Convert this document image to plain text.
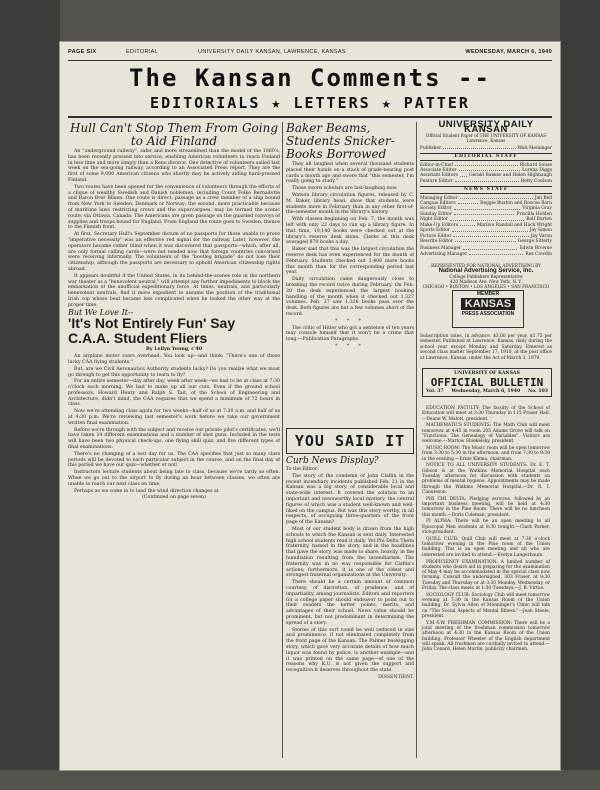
PAGE SIX	EDITORIAL	UNIVERSITY DAILY KANSAN, LAWRENCE, KANSAS	WEDNESDAY, MARCH 6, 1940
The Kansan Comments --
EDITORIALS ★ LETTERS ★ PATTER

Hull Can't Stop Them From Going to Aid Finland

An "underground railway", safer and more streamlined than the model of the 1860's, has been recently pressed into service, enabling American volunteers to reach Finland in less time and more simply than a Reno divorce. One detective of volunteers sailed last week on the sea-going railway, according to an Associated Press report. They are the first of some 9,000 American citizens who shortly may be actively aiding hard-pressed Finland.

Two routes have been opened for the convenience of volunteers through the efforts of a clique of wealthy Swedish and Danish noblemen, including Count Folke Bernadotte and Baron Bror Blixen. One route is direct: passage as a crew member of a ship bound from New York to Sweden, Denmark or Norway; the second, more practicable because of maritime laws restricting crews and the supercargoes, may be termed the scenic route: via Ottawa, Canada. The Americans are given passage on the guarded convoys of supplies and troops bound for England. From England the route goes to Sweden, thence to the Finnish front.

At first, Secretary Hull's September dictum of no passports for those unable to prove "imperative necessity" was an effective red signal for the railway. Later, however, the operators became rather blind when it was discovered that passports—which, after all, are only formal calling cards—were not needed now that foreign countries concerned were receiving informally. The volunteers of the "bootleg brigade" do not lose their citizenship, although the passports are necessary to uphold American citizenship rights abroad.

It appears doubtful if the United States, in its behind-the-scenes role in the northern war theater as a "benevolent neutral," will attempt any further impediments to block the embarkation of the unofficial expeditionary force. At times, neutrals, and particularly benevolent neutrals, find it more expedient to assume the position of the traditional Irish cop whose beat became less complicated when he looked the other way at the proper time.

But We Love It--

'It's Not Entirely Fun' Say C.A.A. Student Fliers

By Leilyn Young, c'40

An airplane motor roars overhead. You look up—and think: "There's one of those lucky CAA flying students."

But, are we Civil Aeronautics Authority students lucky? Do you realize what we must go through to get this opportunity to learn to fly?

For an entire semester—day after day, week after week—we had to be at class at 7:30 o'clock each morning. We had to make up all our cuts. Even if the ground school professors, Howard Henry and Ralph S. Tait, of the School of Engineering and Architecture, didn't mind, the CAA requires that we spend a minimum of 72 hours in class.

Now we're attending class again for two weeks—half of us at 7:30 a.m. and half of us at 4:30 p.m. We're reviewing last semester's work before we take our government written final examination.

Before we're through with the subject and receive our private pilot's certificates, we'll have taken 14 different examinations and a number of shot guns. Included in the tests will have been two physical check-ups, one flying skill quiz, and five different types of final examinations.

There's no changing of a test day for us. The CAA specifies that just so many class periods will be devoted to each particular subject in the course, and on the final day of this period we have our quiz—whether or not!

Instructors lecture students about being late to class, because we're tardy so often. When we go out to the airport to fly during an hour between classes, we often are unable to reach our next class on time.

Perhaps as we come in to land the wind direction changes at

(Continued on page seven)

Baker Beams, Students Snicker- Books Borrowed

They all laughed when several thousand students placed their hands on a stack of grade-bearing post cards a month ago and swore that "this semester, I'm really going to study."

Those sworn scholars are last-laughing now.

Watson library circulation figures, released by C. M. Baker, library head, show that students were students more in February than in any other first-of-the-semester month in the library's history.

With classes beginning on Feb. 7, the month was left with only 22 days to run up a library figure. In that time, 19,140 books were checked out at the library's reserve desk alone. Clerks at this desk averaged 870 books a day.

Baker said that this was the largest circulation the reserve desk has even experienced for the month of February. Students checked out 2,408 more books this month than for the corresponding period last year.

Daily circulation came dangerously close to breaking the record twice during February. On Feb. 20 the desk experienced the largest booking handling of the month when it checked out 1,327 volumes. Feb. 27 saw 1,326 books pass over the desk. Both figures are but a few volumes short of the record.

* * *

The critic of Hitler who got a sentence of ten years may console himself that it won't be a crime that long.—Publication Paragraphs.

* * *

YOU SAID IT

Curb News Display?

To the Editor:

The story of the condemn of John Claflin in the recent incendiary incidents published Feb. 21 in the Kansan was a big story, of considerable local and state-wide interest. It covered the solution to an important and newsworthy local mystery, the central figures of which was a student well-known and well-liked on the campus. But was this story worthy, in all respects, of occupying three-quarters of the front page of the Kansan?

Most of our student body is drawn from the high schools to which the Kansan is sent daily. Interested high school students read it daily. Yet Phi Delta Theta fraternity, named in the story, and in the headlines that gave the story, was made to share, heavily, in the humiliation resulting from the incendiarism. The fraternity was in no way responsible for Claflin's actions; furthermore, it is one of the oldest and strongest fraternal organizations at the University.

There should be a certain amount of common courtesy, of discretion, of prudence, and of impartiality, among journalists. Editors and reporters for a college paper should endeavor to point out to their readers the better points, merits, and advantages of their school. News value should be prominent, but not predominant in determining the spread of a story.

Stories of this sort could be well reduced in size and prominence, if not eliminated completely from the front page of the Kansan. The Palmer bookigging story, which gave very accurate details of how much liquor was found by police, is another example—and it was printed on the same page—of one of the reasons why K.U. is not given the support and recognition it deserves throughout the state.

DISSENTIENT.

UNIVERSITY DAILY KANSAN
Official Student Paper of THE UNIVERSITY OF KANSAS Lawrence, Kansas
Publisher	Walt Meininger
EDITORIAL STAFF
Editor-in-Chief	Richard Souse
Associate Editor	Lorena Diggs
Assistant Editors	Gerald Banker and Helen Highbaugh
Feature Editor	Betty Coulson
NEWS STAFF
Managing Editor	Jim Bell
Campus Editors	Reggie Buxton and Roscoe Born
Society Editor	Virginia Gray
Sunday Editor	Priscilla Holden
Night Editor	Rolf Burton
Make-Up Editors	Marilou Randall and Hack Wright
Sports Editor	Jay Simon
Picture Editor	Jay Varon
Rewrite Editor	George Sitterly
Business Manager	Edwin Browne
Advertising Manager	Rex Cowdin
REPRESENTED FOR NATIONAL ADVERTISING BY
National Advertising Service, Inc.
College Publishers Representative
420 Madison Ave. New York, N. Y.
CHICAGO • BOSTON • LOS ANGELES • SAN FRANCISCO
MEMBER
KANSAS
PRESS ASSOCIATION
Subscription rates, in advance, $3.00 per year, $1.75 per semester. Published at Lawrence, Kansas, daily during the school year except Monday and Saturday. Entered as second class matter September 17, 1910, at the post office at Lawrence, Kansas, under the Act of March 3, 1879.
UNIVERSITY OF KANSAS
OFFICIAL BULLETIN
Vol. 37 Wednesday, March 6, 1940 No. 103

EDUCATION FACULTY: The faculty of the School of Education will meet at 3:30 Thursday in 115 Fraser Hall.—Deane W. Malott, president.

MATHEMATICS STUDENTS: The Math Club will meet tomorrow at 4:45 in room 205 Adams Grove will talk on "Functions: The Genealogy of Variables". Visitors are welcome.—Marlow Shiekelsky, president.

MUSIC ROOM: The Music room will be open tomorrow from 3:30 to 5:30 in the afternoon, and from 7:30 to 9:30 in the evening.—Ernie Klema, chairman.

NOTICE TO ALL UNIVERSITY STUDENTS: Dr. E. T. Gibson is at the Watkins Memorial Hospital each Tuesday afternoon for discussion with students on problems of mental hygiene. Appointments may be made through the Watkins Memorial Hospital.—Dr. R. I. Canuteson.

PHI CHI DELTA: Pledging services, followed by an important business meeting, will be held at 4:30 tomorrow in the Pine Room. There will be no luncheon this month.—Doris Coleman, president.

PI ALPHA: There will be an open meeting to all Episcopal Men students at 8:30 tonight.—Clark Parker, vice-president.

QUILL CLUB: Quill Club will meet at 7:30 o'clock tomorrow evening in the Pine room of the Union building. This is an open meeting and all who are interested are invited to attend.—Evelyn Langerbaum.

PROFICIENCY EXAMINATION: A limited number of students who desire aid in preparing for the examination of May 4 may be accommodated in the special class now forming. Consult the undersigned, 303 Fraser, at 9:30 Tuesday and Thursday or at 3:30 Monday, Wednesday, or Friday. The class meets at 1:30 Tuesdays.—J. B. Virtue.

SOCIOLOGY CLUB: Sociology Club will meet tomorrow evening at 7:30 in the Kansas Room of the Union building. Dr. Sylvia Allen of Menninger's Clinic will talk on "The Social Aspects of Mental Illness."—Jean Steele, president.

Y.M.-Y.W. FRESHMAN COMMISSION: There will be a joint meeting of the freshman commission tomorrow afternoon at 4:30 in the Kansas Room of the Union building. Professor Wheeler of the English department will speak. All freshmen are cordially invited to attend.—John Conard, Helen Martin, publicity chairmen.
